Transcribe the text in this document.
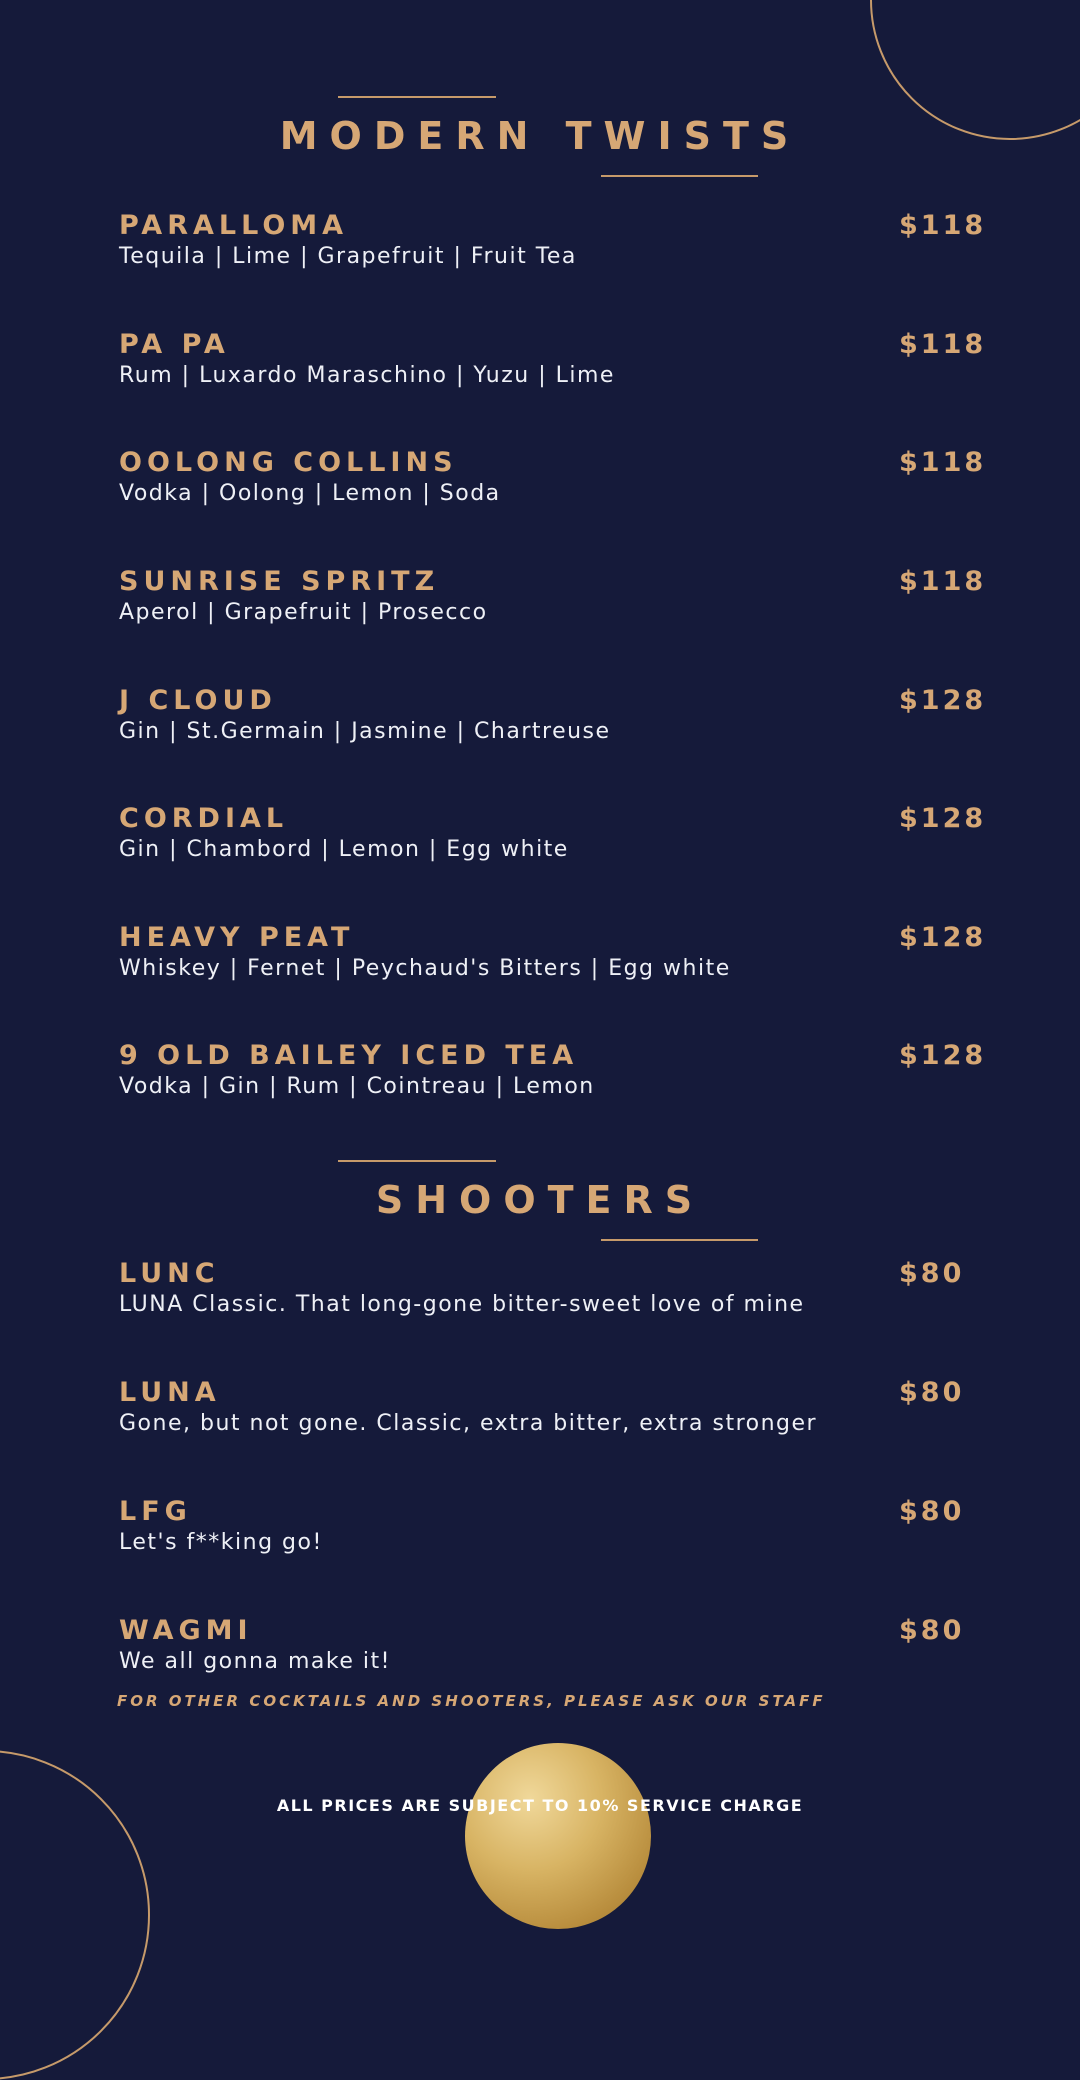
MODERN TWISTS
PARALLOMA
Tequila | Lime | Grapefruit | Fruit Tea
$118
PA PA
Rum | Luxardo Maraschino | Yuzu | Lime
$118
OOLONG COLLINS
Vodka | Oolong | Lemon | Soda
$118
SUNRISE SPRITZ
Aperol | Grapefruit | Prosecco
$118
J CLOUD
Gin | St.Germain | Jasmine | Chartreuse
$128
CORDIAL
Gin | Chambord | Lemon | Egg white
$128
HEAVY PEAT
Whiskey | Fernet | Peychaud's Bitters | Egg white
$128
9 OLD BAILEY ICED TEA
Vodka | Gin | Rum | Cointreau | Lemon
$128
SHOOTERS
LUNC
LUNA Classic. That long-gone bitter-sweet love of mine
$80
LUNA
Gone, but not gone. Classic, extra bitter, extra stronger
$80
LFG
Let's f**king go!
$80
WAGMI
We all gonna make it!
$80
FOR OTHER COCKTAILS AND SHOOTERS, PLEASE ASK OUR STAFF
ALL PRICES ARE SUBJECT TO 10% SERVICE CHARGE
